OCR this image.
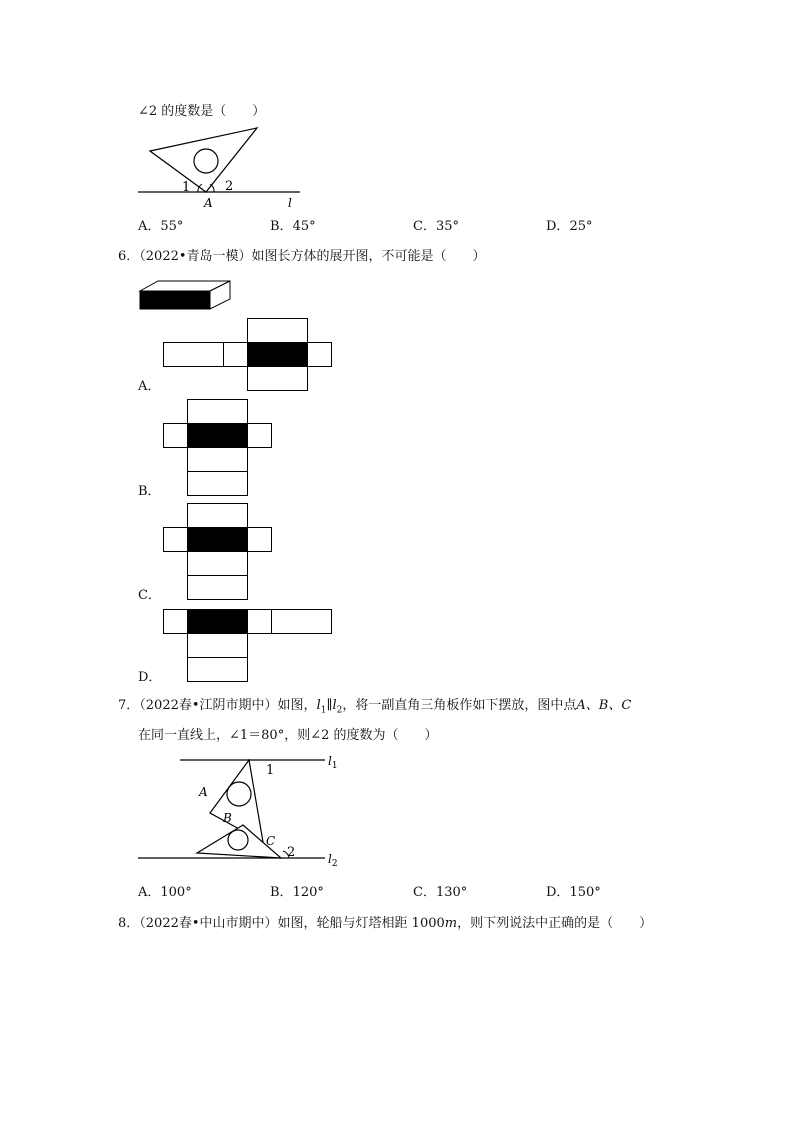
∠2 的度数是（　　）
1	2
A	l
A．55°	B．45°	C．35°	D．25°
6．（2022•青岛一模）如图长方体的展开图，不可能是（　　）
A．
B．
C．
D．
7．（2022春•江阴市期中）如图，$l_1\parallel l_2$，将一副直角三角板作如下摆放，图中点A、B、C
在同一直线上，∠1＝80°，则∠2 的度数为（　　）
1
2
A
B
C
$l_1$
$l_2$
A．100°	B．120°	C．130°	D．150°
8．（2022春•中山市期中）如图，轮船与灯塔相距 1000m，则下列说法中正确的是（　　）
